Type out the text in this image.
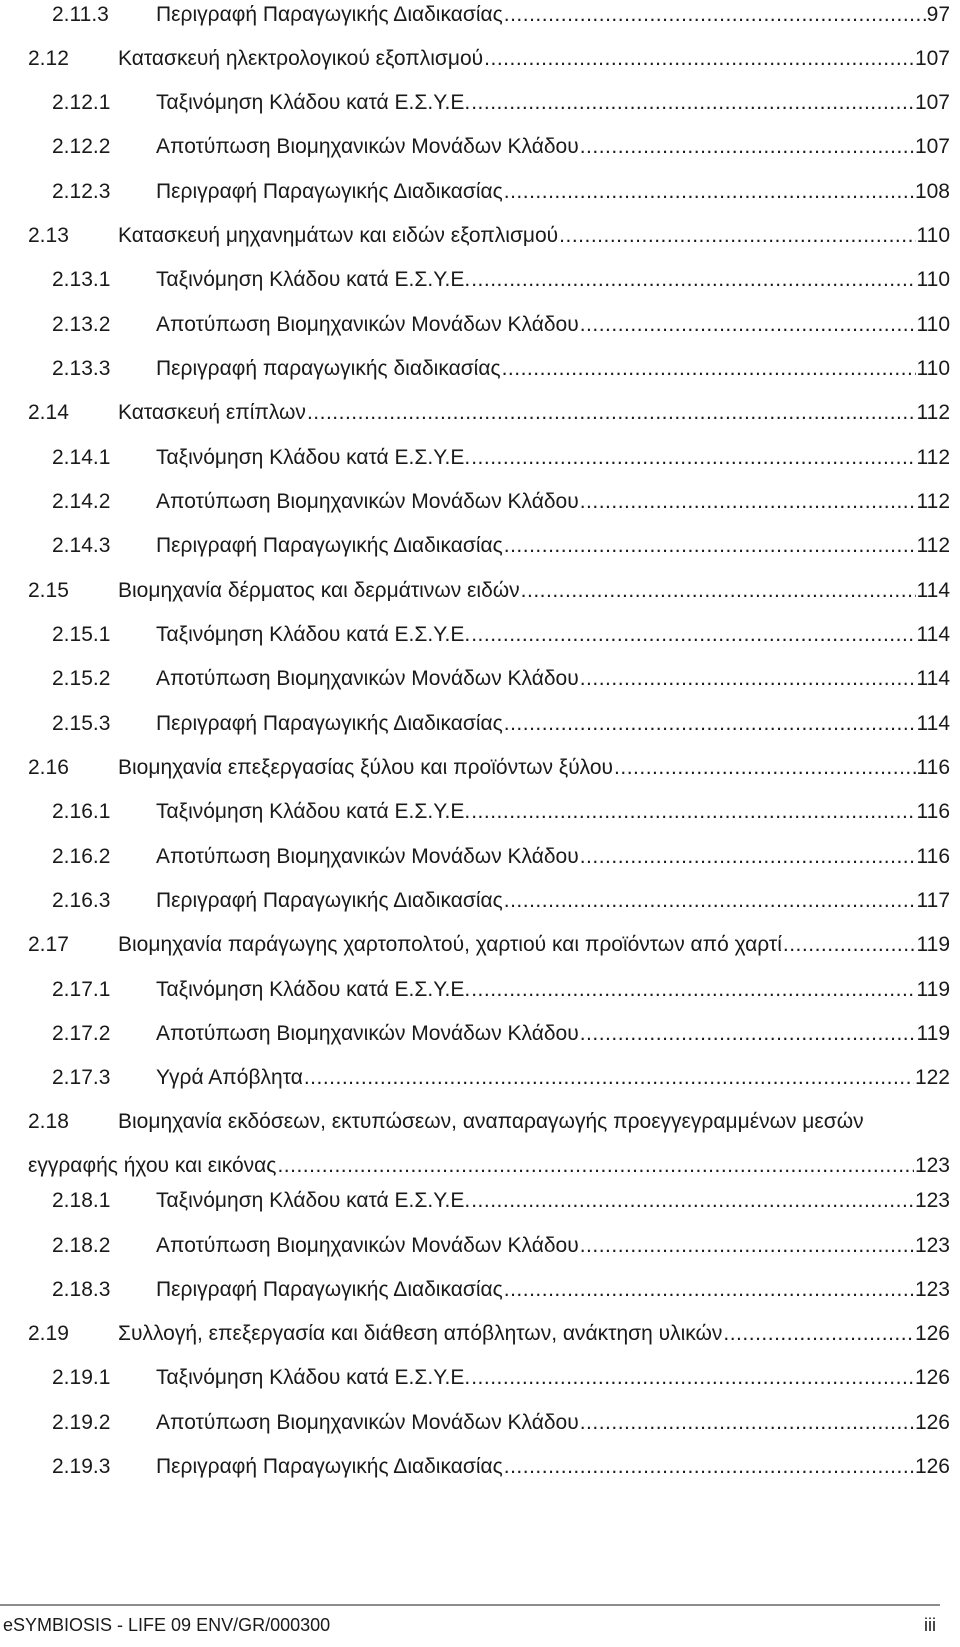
2.11.3	Περιγραφή Παραγωγικής Διαδικασίας .....	97
2.12	Κατασκευή ηλεκτρολογικού εξοπλισμού .....	107
2.12.1	Ταξινόμηση Κλάδου κατά Ε.Σ.Υ.Ε. .....	107
2.12.2	Αποτύπωση Βιομηχανικών Μονάδων Κλάδου .....	107
2.12.3	Περιγραφή Παραγωγικής Διαδικασίας .....	108
2.13	Κατασκευή μηχανημάτων και ειδών εξοπλισμού .....	110
2.13.1	Ταξινόμηση Κλάδου κατά Ε.Σ.Υ.Ε. .....	110
2.13.2	Αποτύπωση Βιομηχανικών Μονάδων Κλάδου .....	110
2.13.3	Περιγραφή παραγωγικής διαδικασίας .....	110
2.14	Κατασκευή επίπλων .....	112
2.14.1	Ταξινόμηση Κλάδου κατά Ε.Σ.Υ.Ε. .....	112
2.14.2	Αποτύπωση Βιομηχανικών Μονάδων Κλάδου .....	112
2.14.3	Περιγραφή Παραγωγικής Διαδικασίας .....	112
2.15	Βιομηχανία δέρματος και δερμάτινων ειδών .....	114
2.15.1	Ταξινόμηση Κλάδου κατά Ε.Σ.Υ.Ε. .....	114
2.15.2	Αποτύπωση Βιομηχανικών Μονάδων Κλάδου .....	114
2.15.3	Περιγραφή Παραγωγικής Διαδικασίας .....	114
2.16	Βιομηχανία επεξεργασίας ξύλου και προϊόντων ξύλου .....	116
2.16.1	Ταξινόμηση Κλάδου κατά Ε.Σ.Υ.Ε. .....	116
2.16.2	Αποτύπωση Βιομηχανικών Μονάδων Κλάδου .....	116
2.16.3	Περιγραφή Παραγωγικής Διαδικασίας .....	117
2.17	Βιομηχανία παράγωγης χαρτοπολτού, χαρτιού και προϊόντων από χαρτί .....	119
2.17.1	Ταξινόμηση Κλάδου κατά Ε.Σ.Υ.Ε. .....	119
2.17.2	Αποτύπωση Βιομηχανικών Μονάδων Κλάδου .....	119
2.17.3	Υγρά Απόβλητα .....	122
2.18	Βιομηχανία εκδόσεων, εκτυπώσεων, αναπαραγωγής προεγγεγραμμένων μεσών
εγγραφής ήχου και εικόνας .....	123
2.18.1	Ταξινόμηση Κλάδου κατά Ε.Σ.Υ.Ε. .....	123
2.18.2	Αποτύπωση Βιομηχανικών Μονάδων Κλάδου .....	123
2.18.3	Περιγραφή Παραγωγικής Διαδικασίας .....	123
2.19	Συλλογή, επεξεργασία και διάθεση απόβλητων, ανάκτηση υλικών .....	126
2.19.1	Ταξινόμηση Κλάδου κατά Ε.Σ.Υ.Ε. .....	126
2.19.2	Αποτύπωση Βιομηχανικών Μονάδων Κλάδου .....	126
2.19.3	Περιγραφή Παραγωγικής Διαδικασίας .....	126
eSYMBIOSIS - LIFE 09 ENV/GR/000300	iii
